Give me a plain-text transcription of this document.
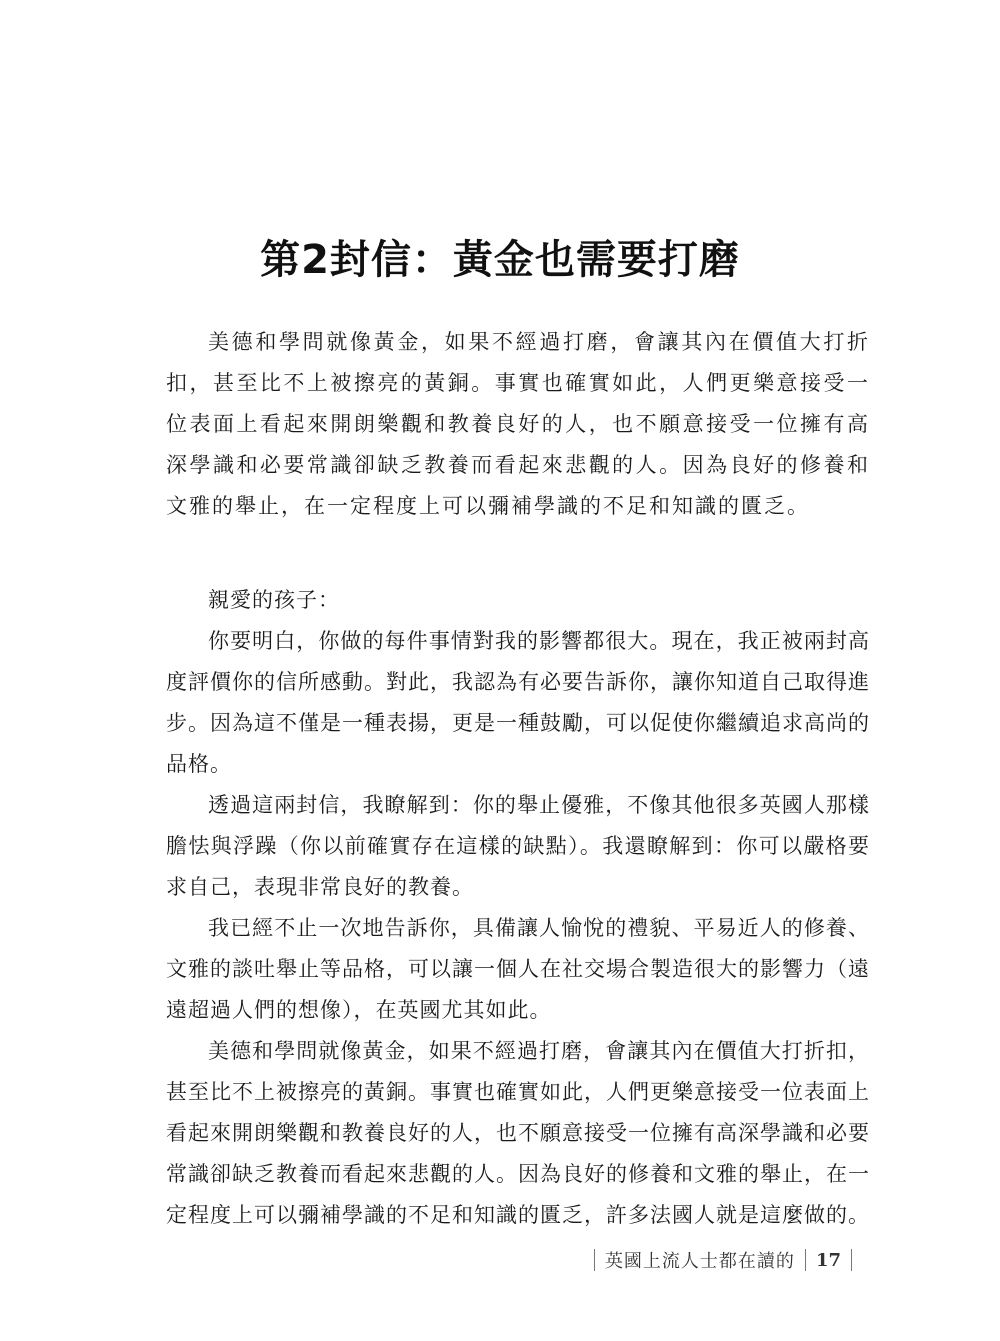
第2封信：黃金也需要打磨

美德和學問就像黃金，如果不經過打磨，會讓其內在價值大打折扣，甚至比不上被擦亮的黃銅。事實也確實如此，人們更樂意接受一位表面上看起來開朗樂觀和教養良好的人，也不願意接受一位擁有高深學識和必要常識卻缺乏教養而看起來悲觀的人。因為良好的修養和文雅的舉止，在一定程度上可以彌補學識的不足和知識的匱乏。

親愛的孩子：

你要明白，你做的每件事情對我的影響都很大。現在，我正被兩封高度評價你的信所感動。對此，我認為有必要告訴你，讓你知道自己取得進步。因為這不僅是一種表揚，更是一種鼓勵，可以促使你繼續追求高尚的品格。

透過這兩封信，我瞭解到：你的舉止優雅，不像其他很多英國人那樣膽怯與浮躁（你以前確實存在這樣的缺點）。我還瞭解到：你可以嚴格要求自己，表現非常良好的教養。

我已經不止一次地告訴你，具備讓人愉悅的禮貌、平易近人的修養、文雅的談吐舉止等品格，可以讓一個人在社交場合製造很大的影響力（遠遠超過人們的想像），在英國尤其如此。

美德和學問就像黃金，如果不經過打磨，會讓其內在價值大打折扣，甚至比不上被擦亮的黃銅。事實也確實如此，人們更樂意接受一位表面上看起來開朗樂觀和教養良好的人，也不願意接受一位擁有高深學識和必要常識卻缺乏教養而看起來悲觀的人。因為良好的修養和文雅的舉止，在一定程度上可以彌補學識的不足和知識的匱乏，許多法國人就是這麼做的。

英國上流人士都在讀的 17
